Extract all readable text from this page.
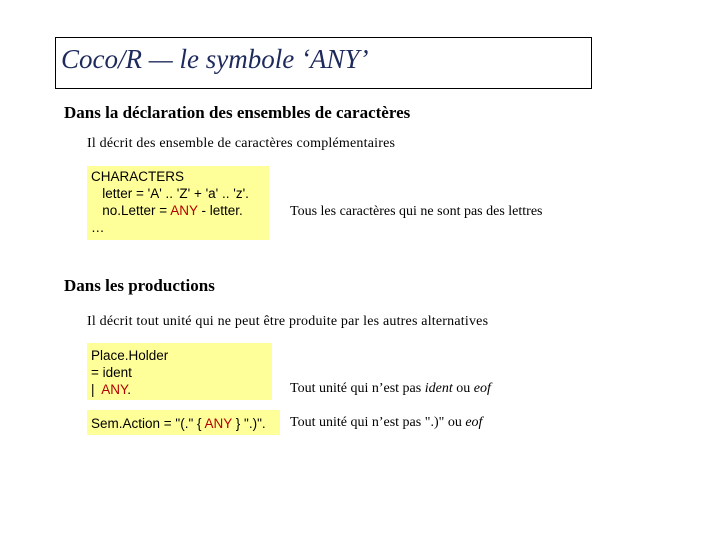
Coco/R — le symbole ‘ANY’
Dans la déclaration des ensembles de caractères
Il décrit des ensemble de caractères complémentaires
CHARACTERS
letter = 'A' .. 'Z' + 'a' .. 'z'.
no.Letter = ANY - letter.
…
Tous les caractères qui ne sont pas des lettres
Dans les productions
Il décrit tout unité qui ne peut être produite par les autres alternatives
Place.Holder
= ident
|  ANY.	Tout unité qui n’est pas ident ou eof
Sem.Action = "(." { ANY } ".)".	Tout unité qui n’est pas ".)" ou eof
